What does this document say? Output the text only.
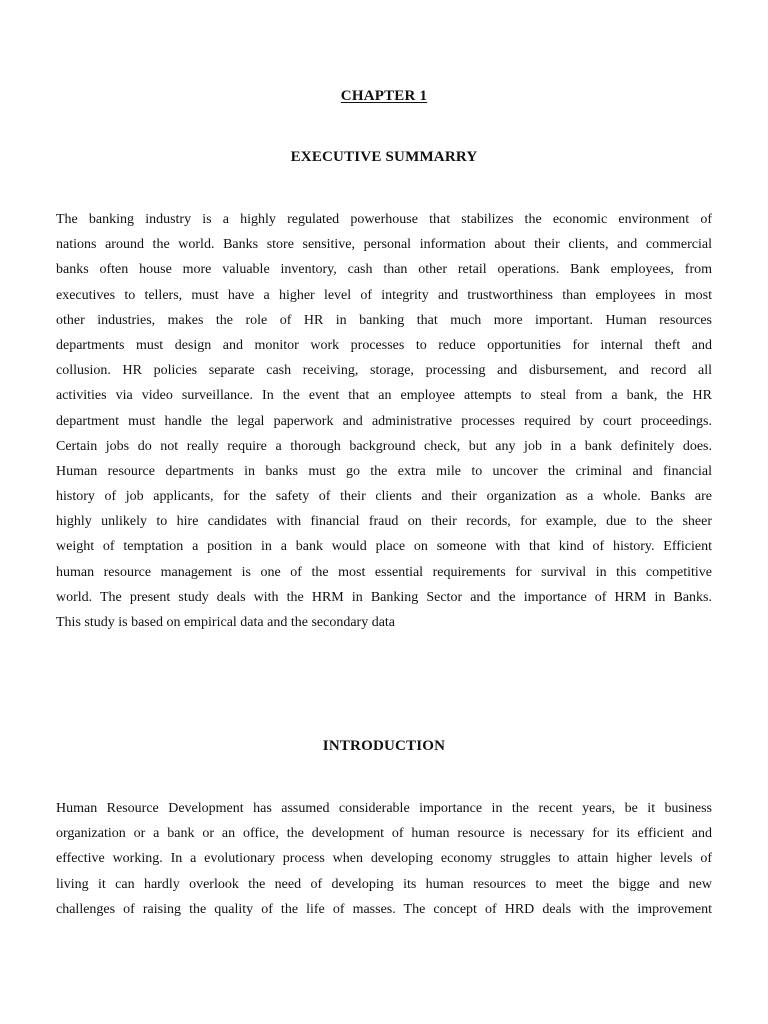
CHAPTER 1
EXECUTIVE SUMMARRY
The banking industry is a highly regulated powerhouse that stabilizes the economic environment of
nations around the world. Banks store sensitive, personal information about their clients, and commercial
banks often house more valuable inventory, cash than other retail operations. Bank employees, from
executives to tellers, must have a higher level of integrity and trustworthiness than employees in most
other industries, makes the role of HR in banking that much more important. Human resources
departments must design and monitor work processes to reduce opportunities for internal theft and
collusion. HR policies separate cash receiving, storage, processing and disbursement, and record all
activities via video surveillance. In the event that an employee attempts to steal from a bank, the HR
department must handle the legal paperwork and administrative processes required by court proceedings.
Certain jobs do not really require a thorough background check, but any job in a bank definitely does.
Human resource departments in banks must go the extra mile to uncover the criminal and financial
history of job applicants, for the safety of their clients and their organization as a whole. Banks are
highly unlikely to hire candidates with financial fraud on their records, for example, due to the sheer
weight of temptation a position in a bank would place on someone with that kind of history. Efficient
human resource management is one of the most essential requirements for survival in this competitive
world. The present study deals with the HRM in Banking Sector and the importance of HRM in Banks.
This study is based on empirical data and the secondary data
INTRODUCTION
Human Resource Development has assumed considerable importance in the recent years, be it business
organization or a bank or an office, the development of human resource is necessary for its efficient and
effective working. In a evolutionary process when developing economy struggles to attain higher levels of
living it can hardly overlook the need of developing its human resources to meet the bigge and new
challenges of raising the quality of the life of masses. The concept of HRD deals with the improvement
